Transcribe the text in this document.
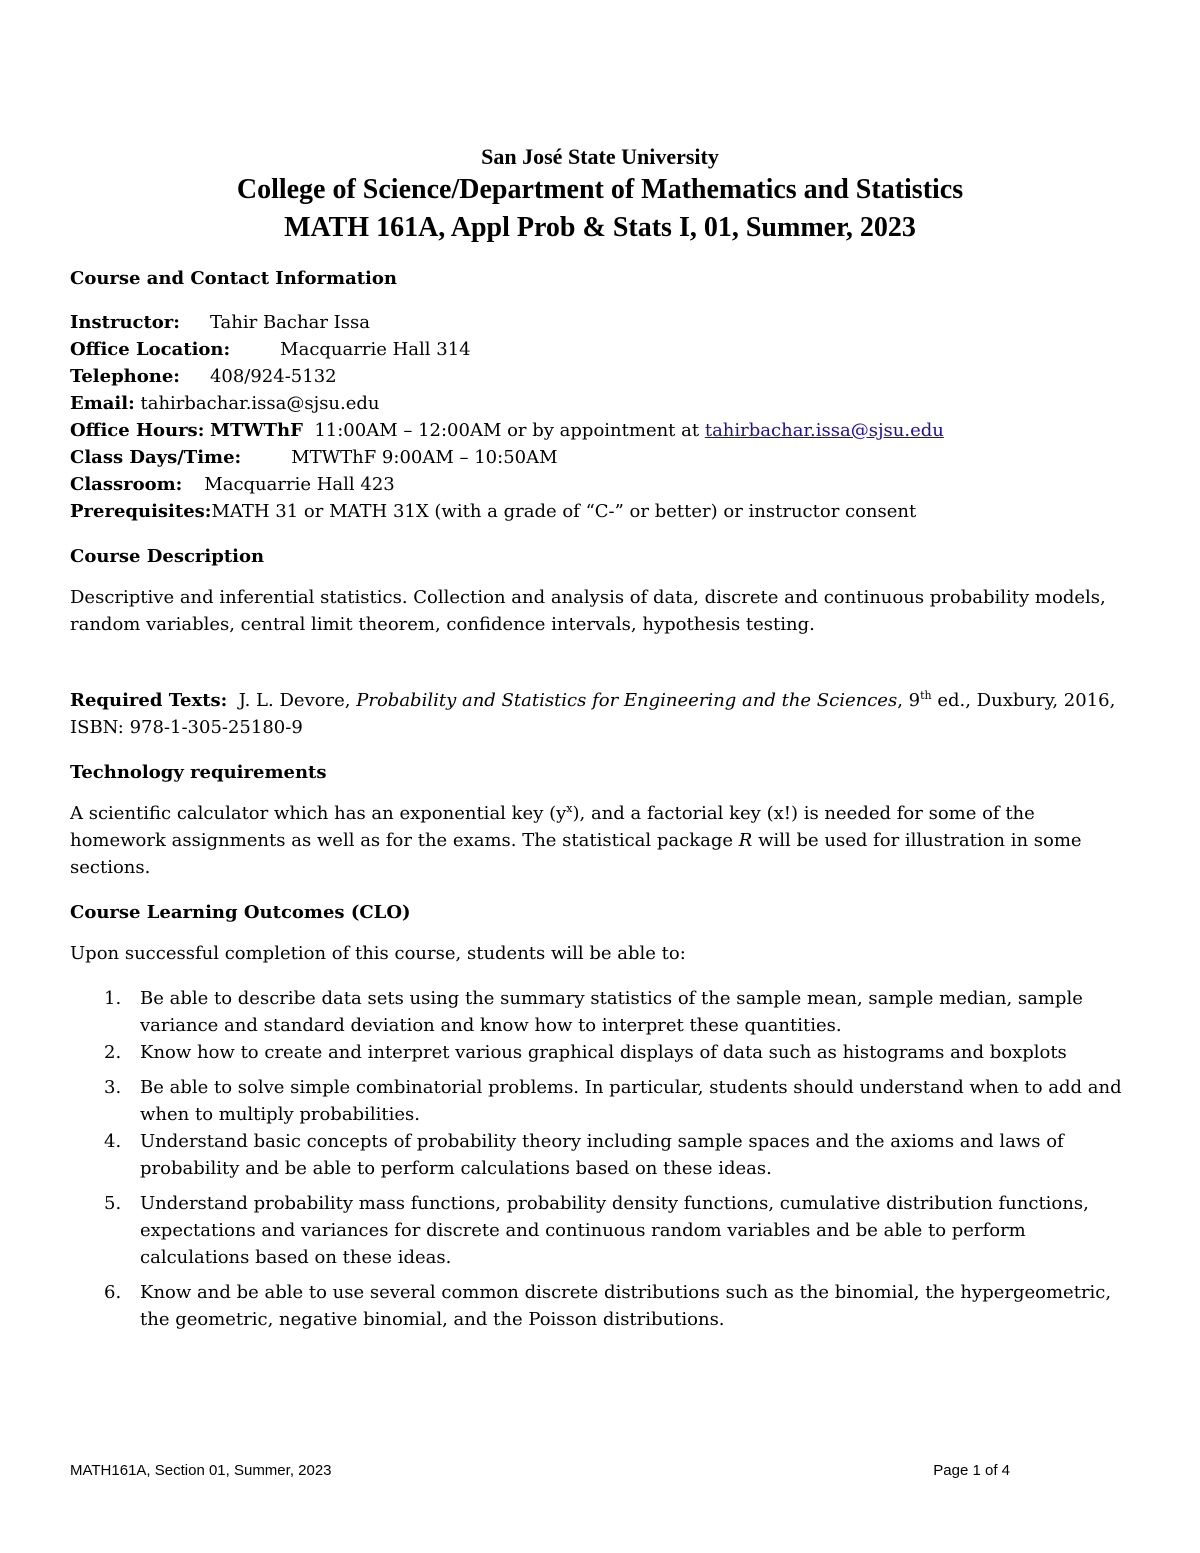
San José State University
College of Science/Department of Mathematics and Statistics
MATH 161A, Appl Prob & Stats I, 01, Summer, 2023
Course and Contact Information
Instructor: Tahir Bachar Issa
Office Location:	Macquarrie Hall 314
Telephone: 408/924-5132
Email: tahirbachar.issa@sjsu.edu
Office Hours: MTWThF 11:00AM – 12:00AM or by appointment at tahirbachar.issa@sjsu.edu
Class Days/Time:	MTWThF 9:00AM – 10:50AM
Classroom: Macquarrie Hall 423
Prerequisites:MATH 31 or MATH 31X (with a grade of “C-” or better) or instructor consent
Course Description

Descriptive and inferential statistics. Collection and analysis of data, discrete and continuous probability models, random variables, central limit theorem, confidence intervals, hypothesis testing.

Required Texts: J. L. Devore, Probability and Statistics for Engineering and the Sciences, 9th ed., Duxbury, 2016, ISBN: 978-1-305-25180-9

Technology requirements

A scientific calculator which has an exponential key $(y^x)$, and a factorial key (x!) is needed for some of the homework assignments as well as for the exams. The statistical package R will be used for illustration in some sections.

Course Learning Outcomes (CLO)

Upon successful completion of this course, students will be able to:

1. Be able to describe data sets using the summary statistics of the sample mean, sample median, sample variance and standard deviation and know how to interpret these quantities.
2. Know how to create and interpret various graphical displays of data such as histograms and boxplots
3. Be able to solve simple combinatorial problems. In particular, students should understand when to add and when to multiply probabilities.
4. Understand basic concepts of probability theory including sample spaces and the axioms and laws of probability and be able to perform calculations based on these ideas.
5. Understand probability mass functions, probability density functions, cumulative distribution functions, expectations and variances for discrete and continuous random variables and be able to perform calculations based on these ideas.
6. Know and be able to use several common discrete distributions such as the binomial, the hypergeometric, the geometric, negative binomial, and the Poisson distributions.
MATH161A, Section 01, Summer, 2023	Page 1 of 4
